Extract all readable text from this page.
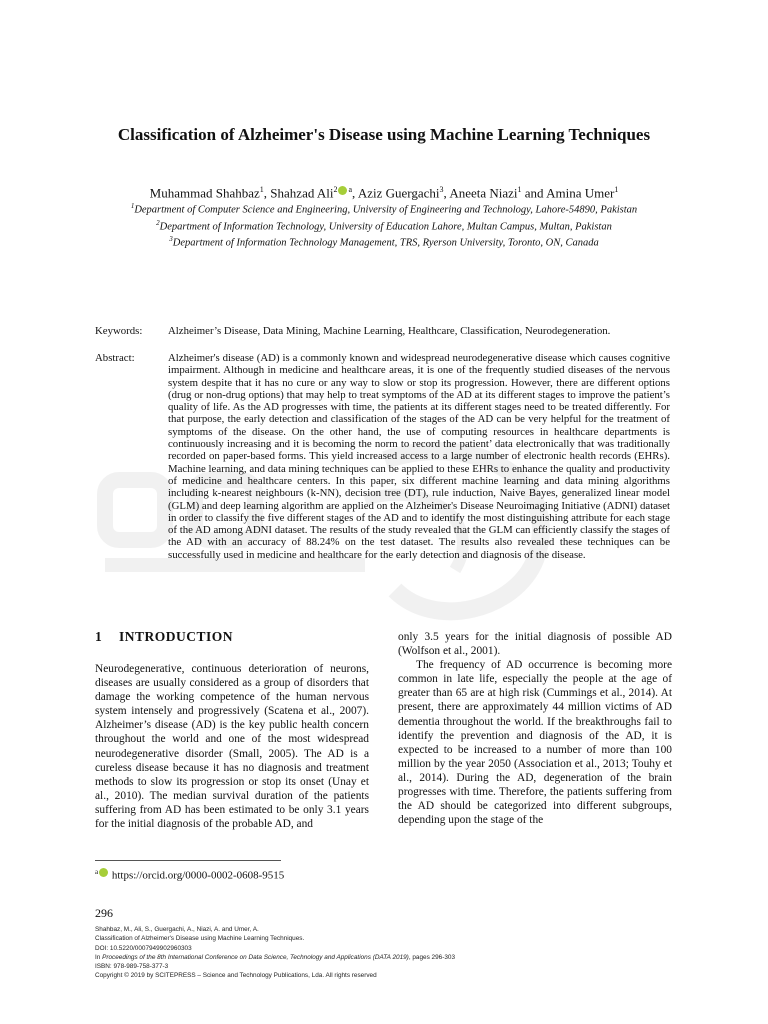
Classification of Alzheimer's Disease using Machine Learning Techniques
Muhammad Shahbaz$^1$, Shahzad Ali$^2$ $^a$, Aziz Guergachi$^3$, Aneeta Niazi$^1$ and Amina Umer$^1$
$^1$Department of Computer Science and Engineering, University of Engineering and Technology, Lahore-54890, Pakistan
$^2$Department of Information Technology, University of Education Lahore, Multan Campus, Multan, Pakistan
$^3$Department of Information Technology Management, TRS, Ryerson University, Toronto, ON, Canada
Keywords:	Alzheimer’s Disease, Data Mining, Machine Learning, Healthcare, Classification, Neurodegeneration.
Abstract:	Alzheimer's disease (AD) is a commonly known and widespread neurodegenerative disease which causes cognitive impairment. Although in medicine and healthcare areas, it is one of the frequently studied diseases of the nervous system despite that it has no cure or any way to slow or stop its progression. However, there are different options (drug or non-drug options) that may help to treat symptoms of the AD at its different stages to improve the patient’s quality of life. As the AD progresses with time, the patients at its different stages need to be treated differently. For that purpose, the early detection and classification of the stages of the AD can be very helpful for the treatment of symptoms of the disease. On the other hand, the use of computing resources in healthcare departments is continuously increasing and it is becoming the norm to record the patient’ data electronically that was traditionally recorded on paper-based forms. This yield increased access to a large number of electronic health records (EHRs). Machine learning, and data mining techniques can be applied to these EHRs to enhance the quality and productivity of medicine and healthcare centers. In this paper, six different machine learning and data mining algorithms including k-nearest neighbours (k-NN), decision tree (DT), rule induction, Naive Bayes, generalized linear model (GLM) and deep learning algorithm are applied on the Alzheimer's Disease Neuroimaging Initiative (ADNI) dataset in order to classify the five different stages of the AD and to identify the most distinguishing attribute for each stage of the AD among ADNI dataset. The results of the study revealed that the GLM can efficiently classify the stages of the AD with an accuracy of 88.24% on the test dataset. The results also revealed these techniques can be successfully used in medicine and healthcare for the early detection and diagnosis of the disease.
1 INTRODUCTION

Neurodegenerative, continuous deterioration of neurons, diseases are usually considered as a group of disorders that damage the working competence of the human nervous system intensely and progressively (Scatena et al., 2007). Alzheimer’s disease (AD) is the key public health concern throughout the world and one of the most widespread neurodegenerative disorder (Small, 2005). The AD is a cureless disease because it has no diagnosis and treatment methods to slow its progression or stop its onset (Unay et al., 2010). The median survival duration of the patients suffering from AD has been estimated to be only 3.1 years for the initial diagnosis of the probable AD, and

only 3.5 years for the initial diagnosis of possible AD (Wolfson et al., 2001).

The frequency of AD occurrence is becoming more common in late life, especially the people at the age of greater than 65 are at high risk (Cummings et al., 2014). At present, there are approximately 44 million victims of AD dementia throughout the world. If the breakthroughs fail to identify the prevention and diagnosis of the AD, it is expected to be increased to a number of more than 100 million by the year 2050 (Association et al., 2013; Touhy et al., 2014). During the AD, degeneration of the brain progresses with time. Therefore, the patients suffering from the AD should be categorized into different subgroups, depending upon the stage of the

$^a$ https://orcid.org/0000-0002-0608-9515
296
Shahbaz, M., Ali, S., Guergachi, A., Niazi, A. and Umer, A.
Classification of Alzheimer's Disease using Machine Learning Techniques.
DOI: 10.5220/0007949902960303
In Proceedings of the 8th International Conference on Data Science, Technology and Applications (DATA 2019), pages 296-303
ISBN: 978-989-758-377-3
Copyright © 2019 by SCITEPRESS – Science and Technology Publications, Lda. All rights reserved
